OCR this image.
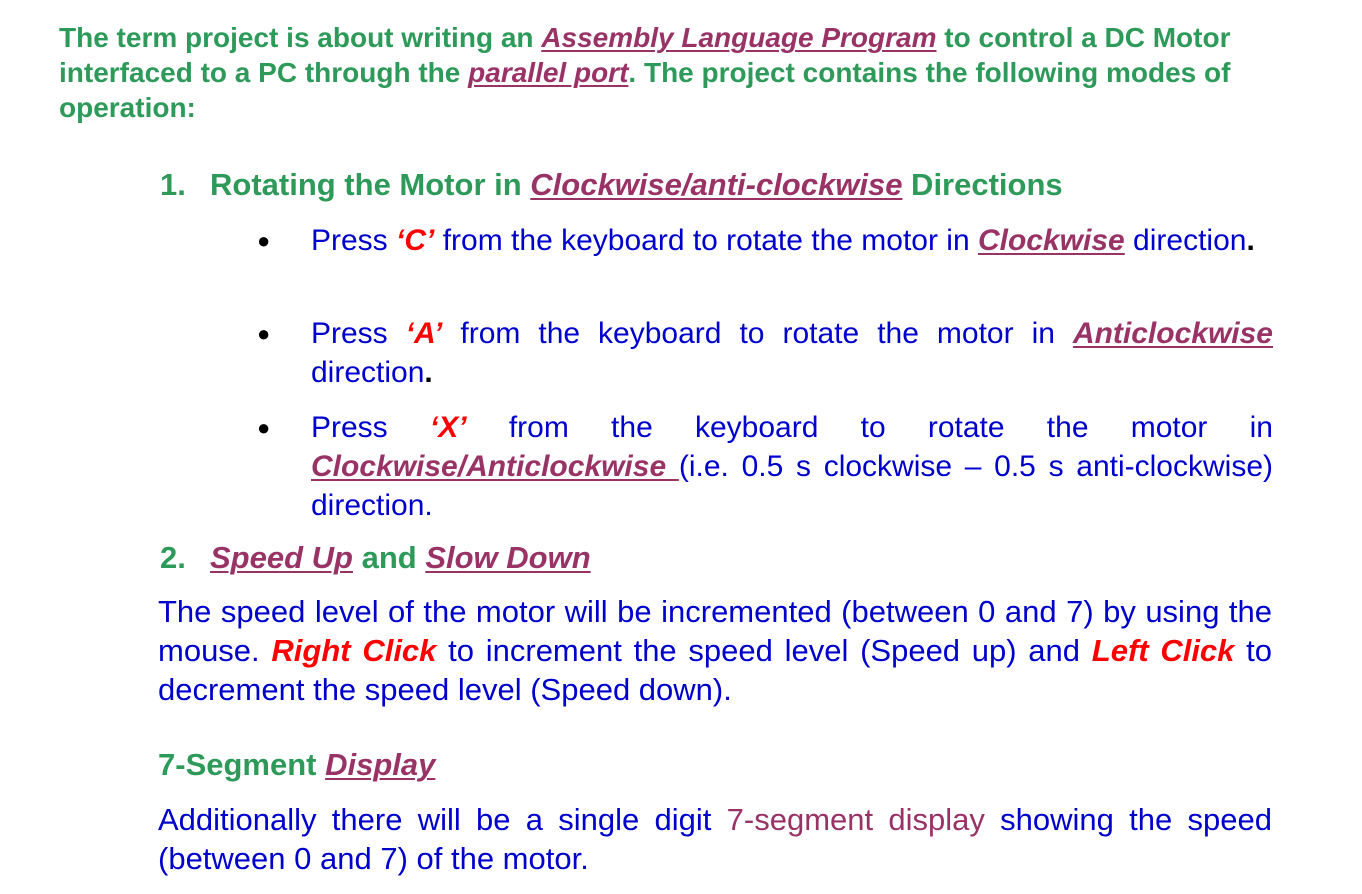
The term project is about writing an Assembly Language Program to control a DC Motor interfaced to a PC through the parallel port. The project contains the following modes of operation:
1. Rotating the Motor in Clockwise/anti-clockwise Directions
●	Press ‘C’ from the keyboard to rotate the motor in Clockwise direction.
●	Press ‘A’ from the keyboard to rotate the motor in Anticlockwise direction.
●	Press ‘X’ from the keyboard to rotate the motor in Clockwise/Anticlockwise (i.e. 0.5 s clockwise – 0.5 s anti-clockwise) direction.
2. Speed Up and Slow Down
The speed level of the motor will be incremented (between 0 and 7) by using the mouse. Right Click to increment the speed level (Speed up) and Left Click to decrement the speed level (Speed down).
7-Segment Display
Additionally there will be a single digit 7-segment display showing the speed (between 0 and 7) of the motor.
